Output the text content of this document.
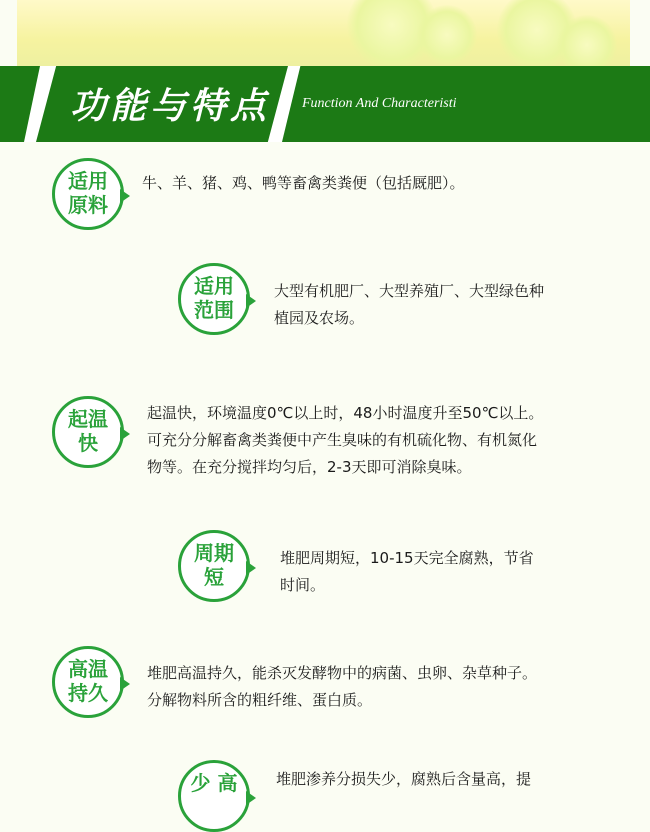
功能与特点 Function And Characteristi
适用
原料
牛、羊、猪、鸡、鸭等畜禽类粪便（包括厩肥）。
适用
范围
大型有机肥厂、大型养殖厂、大型绿色种植园及农场。
起温
快
起温快，环境温度0℃以上时，48小时温度升至50℃以上。可充分分解畜禽类粪便中产生臭味的有机硫化物、有机氮化物等。在充分搅拌均匀后，2-3天即可消除臭味。
周期
短
堆肥周期短，10-15天完全腐熟，节省时间。
高温
持久
堆肥高温持久，能杀灭发酵物中的病菌、虫卵、杂草种子。分解物料所含的粗纤维、蛋白质。
少 高	堆肥渗养分损失少，腐熟后含量高，提
